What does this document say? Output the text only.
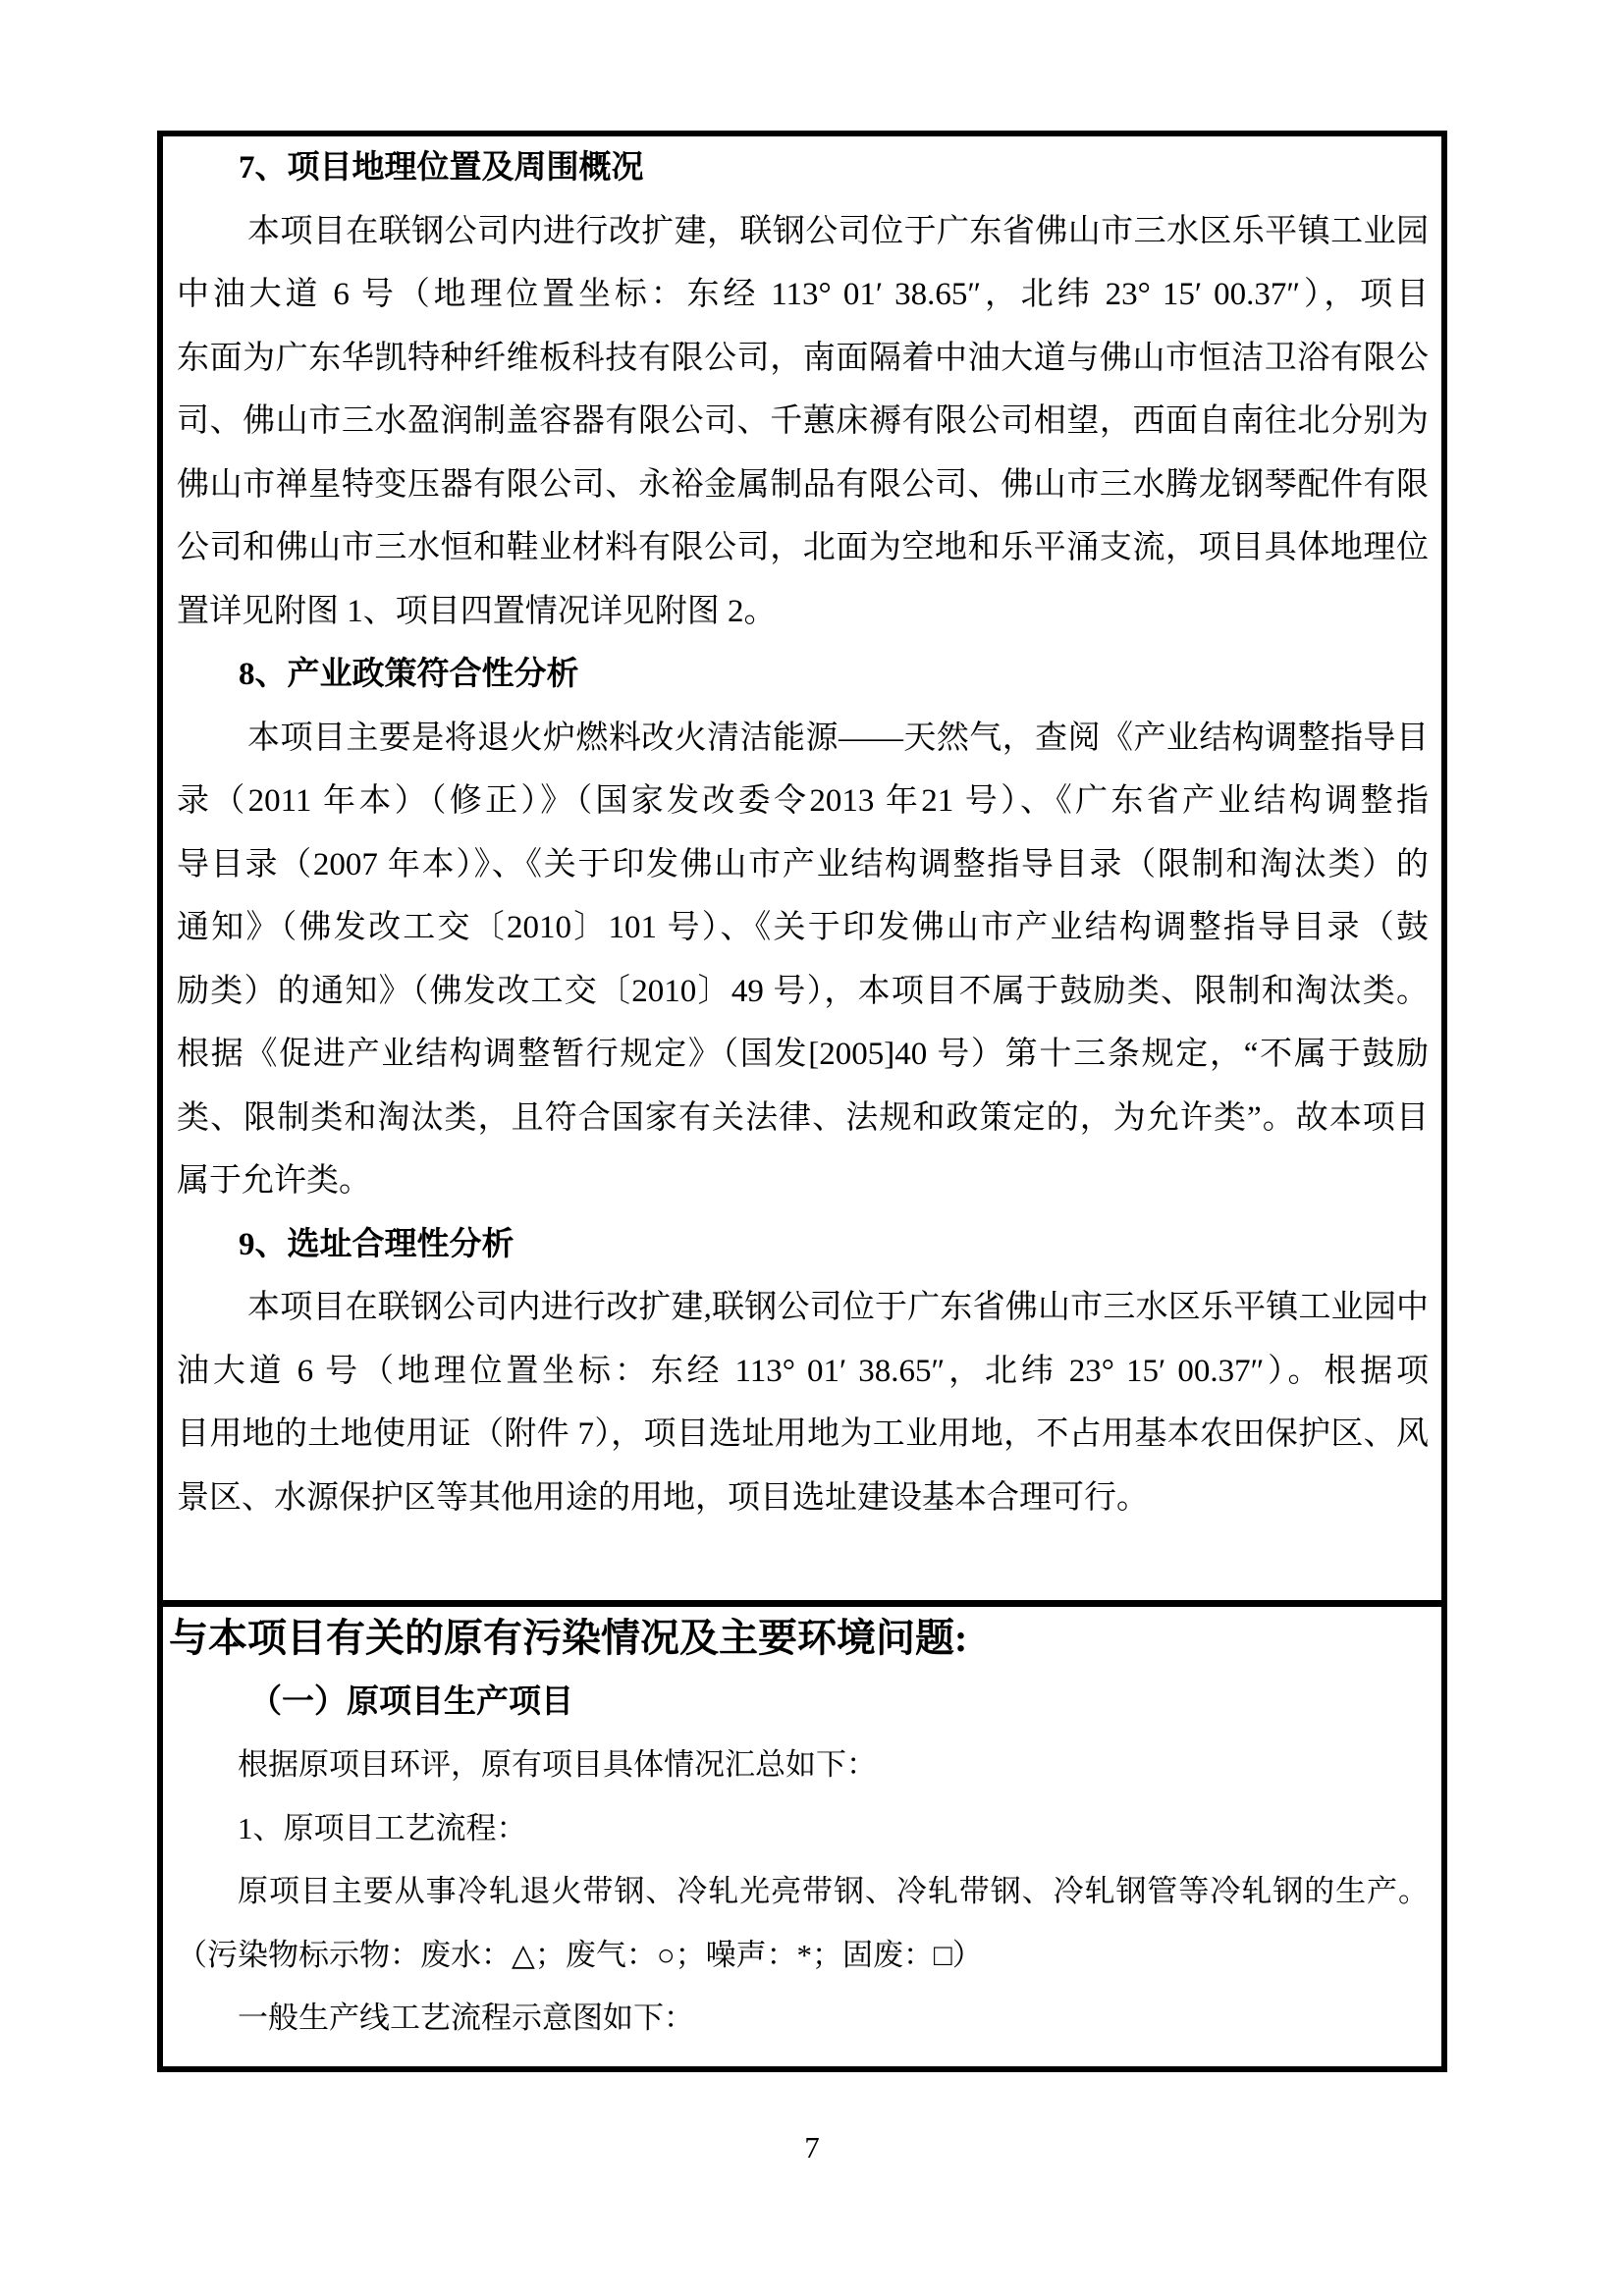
7、项目地理位置及周围概况
本项目在联钢公司内进行改扩建，联钢公司位于广东省佛山市三水区乐平镇工业园
中油大道 6 号（地理位置坐标：东经 113° 01′ 38.65″，北纬 23° 15′ 00.37″），项目
东面为广东华凯特种纤维板科技有限公司，南面隔着中油大道与佛山市恒洁卫浴有限公
司、佛山市三水盈润制盖容器有限公司、千蕙床褥有限公司相望，西面自南往北分别为
佛山市禅星特变压器有限公司、永裕金属制品有限公司、佛山市三水腾龙钢琴配件有限
公司和佛山市三水恒和鞋业材料有限公司，北面为空地和乐平涌支流，项目具体地理位
置详见附图 1、项目四置情况详见附图 2。
8、产业政策符合性分析
本项目主要是将退火炉燃料改火清洁能源——天然气，查阅《产业结构调整指导目
录（2011 年本）（修正）》（国家发改委令2013 年21 号）、《广东省产业结构调整指
导目录（2007 年本）》、《关于印发佛山市产业结构调整指导目录（限制和淘汰类）的
通知》（佛发改工交〔2010〕101 号）、《关于印发佛山市产业结构调整指导目录（鼓
励类）的通知》（佛发改工交〔2010〕49 号），本项目不属于鼓励类、限制和淘汰类。
根据《促进产业结构调整暂行规定》（国发[2005]40 号）第十三条规定，“不属于鼓励
类、限制类和淘汰类，且符合国家有关法律、法规和政策定的，为允许类”。故本项目
属于允许类。
9、选址合理性分析
本项目在联钢公司内进行改扩建,联钢公司位于广东省佛山市三水区乐平镇工业园中
油大道 6 号（地理位置坐标：东经 113° 01′ 38.65″，北纬 23° 15′ 00.37″）。根据项
目用地的土地使用证（附件 7），项目选址用地为工业用地，不占用基本农田保护区、风
景区、水源保护区等其他用途的用地，项目选址建设基本合理可行。
与本项目有关的原有污染情况及主要环境问题:
（一）原项目生产项目
根据原项目环评，原有项目具体情况汇总如下：
1、原项目工艺流程：
原项目主要从事冷轧退火带钢、冷轧光亮带钢、冷轧带钢、冷轧钢管等冷轧钢的生产。
（污染物标示物：废水：△；废气：○；噪声：*；固废：□）
一般生产线工艺流程示意图如下：
7
